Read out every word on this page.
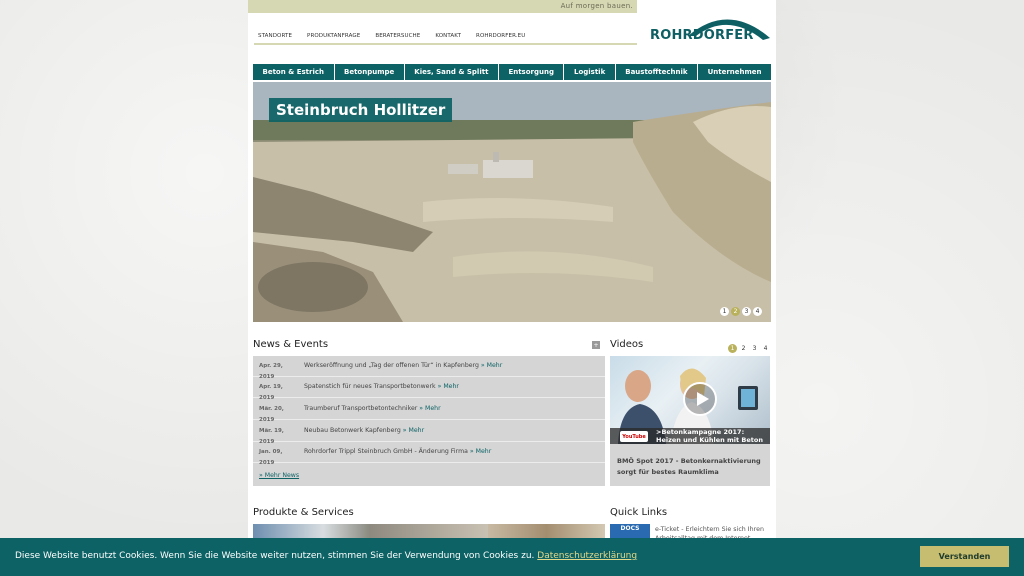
Auf morgen bauen.
STANDORTE	PRODUKTANFRAGE	BERATERSUCHE	KONTAKT	ROHRDORFER.EU	ROHRDORFER
Beton & Estrich	Betonpumpe	Kies, Sand & Splitt	Entsorgung	Logistik	Baustofftechnik	Unternehmen
Steinbruch Hollitzer
1	2	3	4
News & Events	+
Apr. 29, 2019
Werkseröffnung und „Tag der offenen Tür“ in Kapfenberg » Mehr
Apr. 19, 2019
Spatenstich für neues Transportbetonwerk » Mehr
Mär. 20, 2019
Traumberuf Transportbetontechniker » Mehr
Mär. 19, 2019
Neubau Betonwerk Kapfenberg » Mehr
Jan. 09, 2019
Rohrdorfer Trippl Steinbruch GmbH - Änderung Firma » Mehr
» Mehr News
Videos	1	2	3	4
YouTube
>Betonkampagne 2017:
Heizen und Kühlen mit Beton
BMÖ Spot 2017 - Betonkernaktivierung sorgt für bestes Raumklima
Produkte & Services	Quick Links
DOCS	e-Ticket - Erleichtern Sie sich Ihren
Diese Website benutzt Cookies. Wenn Sie die Website weiter nutzen, stimmen Sie der Verwendung von Cookies zu. Datenschutzerklärung	Verstanden
